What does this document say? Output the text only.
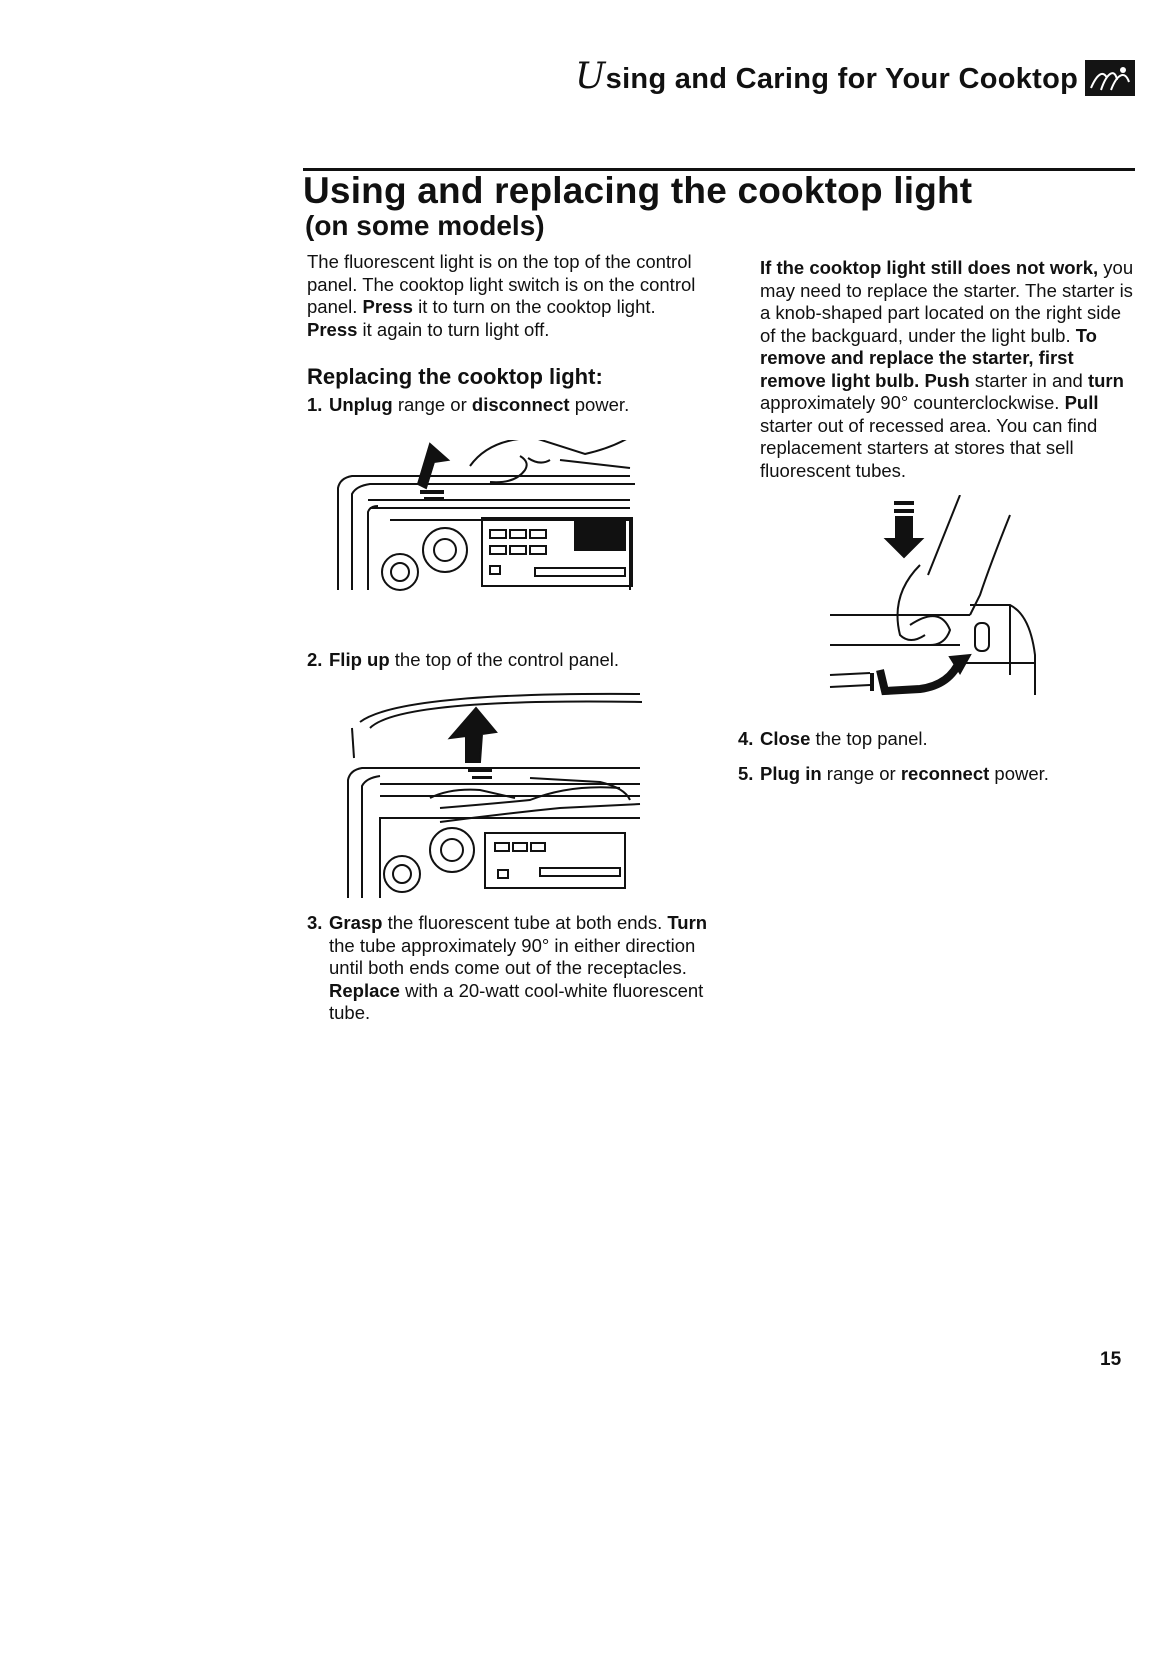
Using and Caring for Your Cooktop
Using and replacing the cooktop light
(on some models)
The fluorescent light is on the top of the control panel. The cooktop light switch is on the control panel. Press it to turn on the cooktop light. Press it again to turn light off.
Replacing the cooktop light:
1. Unplug range or disconnect power.
2. Flip up the top of the control panel.
3. Grasp the fluorescent tube at both ends. Turn the tube approximately 90° in either direction until both ends come out of the receptacles. Replace with a 20-watt cool-white fluorescent tube.
If the cooktop light still does not work, you may need to replace the starter. The starter is a knob-shaped part located on the right side of the backguard, under the light bulb. To remove and replace the starter, first remove light bulb. Push starter in and turn approximately 90° counterclockwise. Pull starter out of recessed area. You can find replacement starters at stores that sell fluorescent tubes.
4. Close the top panel.
5. Plug in range or reconnect power.
15
